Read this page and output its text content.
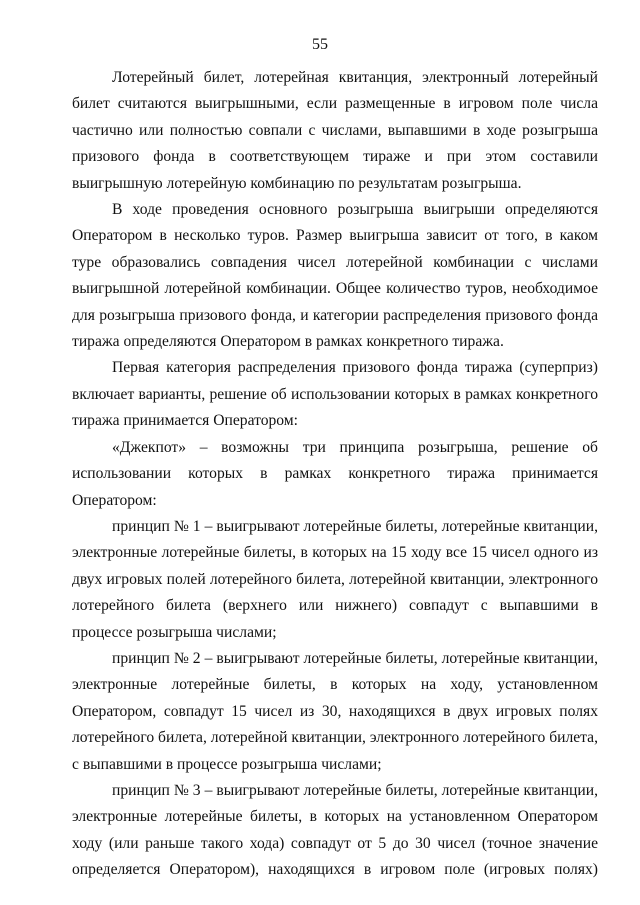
55

Лотерейный билет, лотерейная квитанция, электронный лотерейный билет считаются выигрышными, если размещенные в игровом поле числа частично или полностью совпали с числами, выпавшими в ходе розыгрыша призового фонда в соответствующем тираже и при этом составили выигрышную лотерейную комбинацию по результатам розыгрыша.

В ходе проведения основного розыгрыша выигрыши определяются Оператором в несколько туров. Размер выигрыша зависит от того, в каком туре образовались совпадения чисел лотерейной комбинации с числами выигрышной лотерейной комбинации. Общее количество туров, необходимое для розыгрыша призового фонда, и категории распределения призового фонда тиража определяются Оператором в рамках конкретного тиража.

Первая категория распределения призового фонда тиража (суперприз) включает варианты, решение об использовании которых в рамках конкретного тиража принимается Оператором:

«Джекпот» – возможны три принципа розыгрыша, решение об использовании которых в рамках конкретного тиража принимается Оператором:

принцип № 1 – выигрывают лотерейные билеты, лотерейные квитанции, электронные лотерейные билеты, в которых на 15 ходу все 15 чисел одного из двух игровых полей лотерейного билета, лотерейной квитанции, электронного лотерейного билета (верхнего или нижнего) совпадут с выпавшими в процессе розыгрыша числами;

принцип № 2 – выигрывают лотерейные билеты, лотерейные квитанции, электронные лотерейные билеты, в которых на ходу, установленном Оператором, совпадут 15 чисел из 30, находящихся в двух игровых полях лотерейного билета, лотерейной квитанции, электронного лотерейного билета, с выпавшими в процессе розыгрыша числами;

принцип № 3 – выигрывают лотерейные билеты, лотерейные квитанции, электронные лотерейные билеты, в которых на установленном Оператором ходу (или раньше такого хода) совпадут от 5 до 30 чисел (точное значение определяется Оператором), находящихся в игровом поле (игровых полях)
